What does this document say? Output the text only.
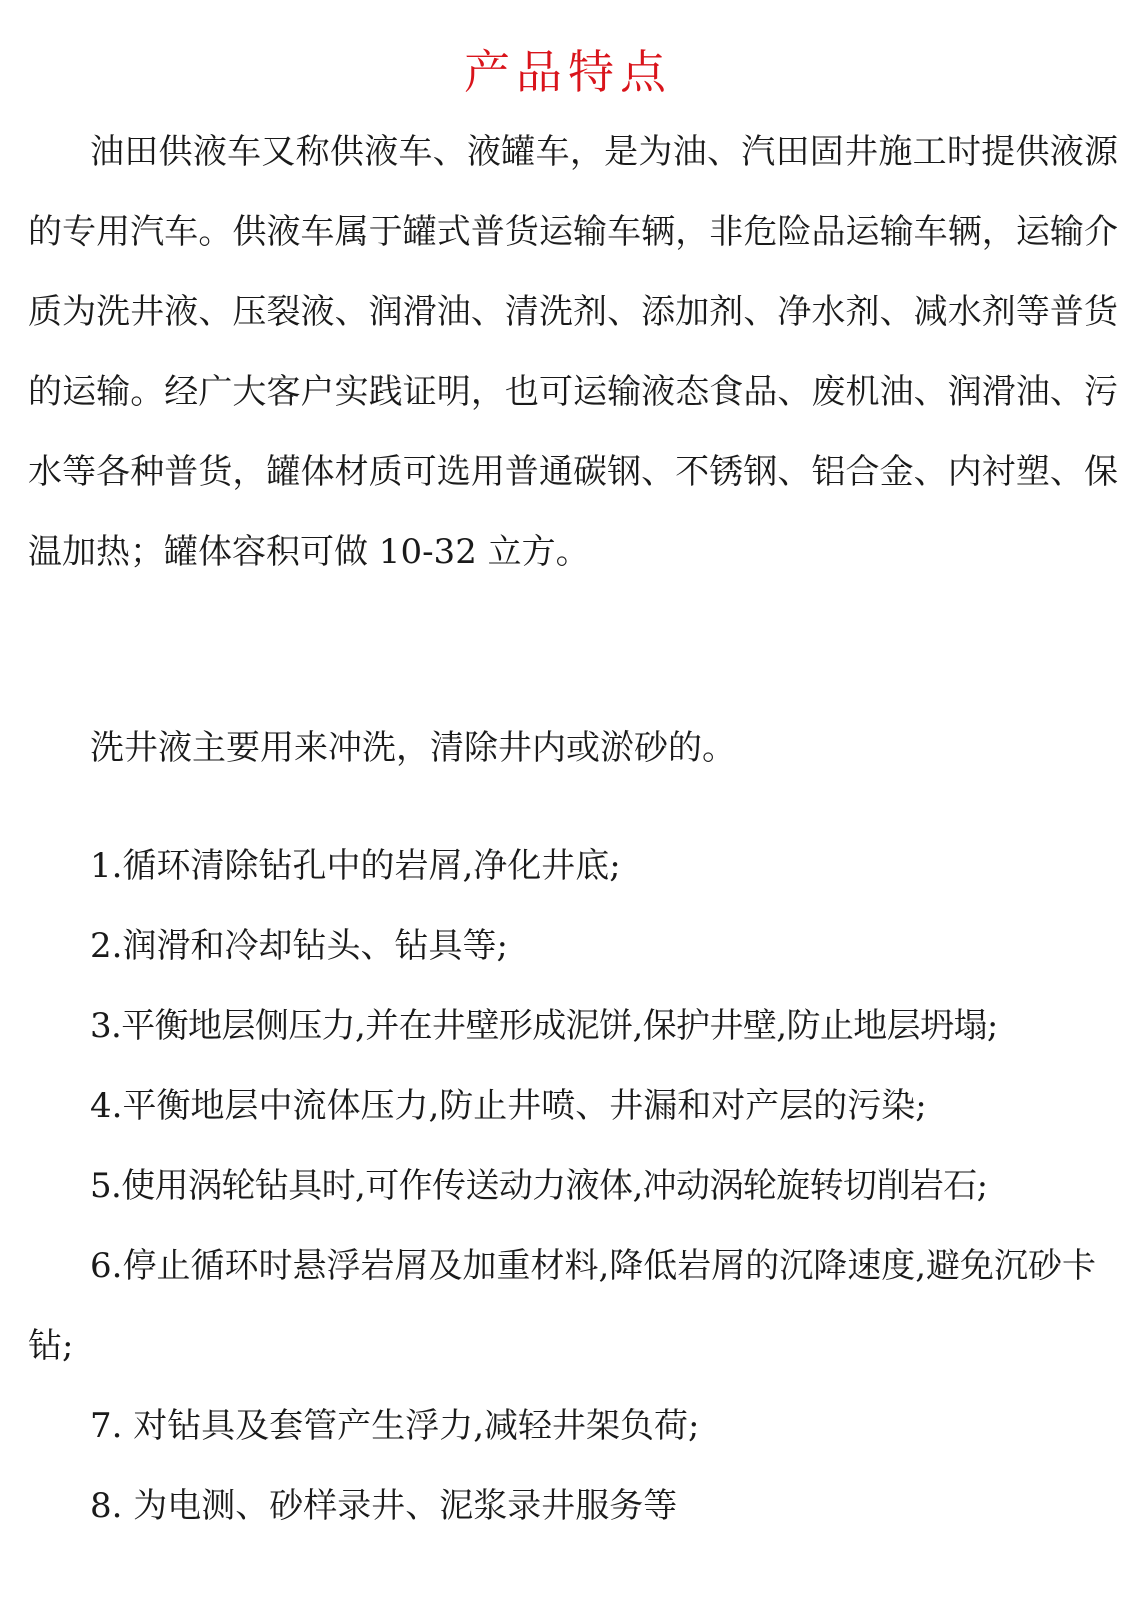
产品特点

油田供液车又称供液车、液罐车，是为油、汽田固井施工时提供液源的专用汽车。供液车属于罐式普货运输车辆，非危险品运输车辆，运输介质为洗井液、压裂液、润滑油、清洗剂、添加剂、净水剂、减水剂等普货的运输。经广大客户实践证明，也可运输液态食品、废机油、润滑油、污水等各种普货，罐体材质可选用普通碳钢、不锈钢、铝合金、内衬塑、保温加热；罐体容积可做 10-32 立方。

洗井液主要用来冲洗，清除井内或淤砂的。

1.循环清除钻孔中的岩屑,净化井底;
2.润滑和冷却钻头、钻具等;
3.平衡地层侧压力,并在井壁形成泥饼,保护井壁,防止地层坍塌;
4.平衡地层中流体压力,防止井喷、井漏和对产层的污染;
5.使用涡轮钻具时,可作传送动力液体,冲动涡轮旋转切削岩石;
6.停止循环时悬浮岩屑及加重材料,降低岩屑的沉降速度,避免沉砂卡钻;
7. 对钻具及套管产生浮力,减轻井架负荷;
8. 为电测、砂样录井、泥浆录井服务等
